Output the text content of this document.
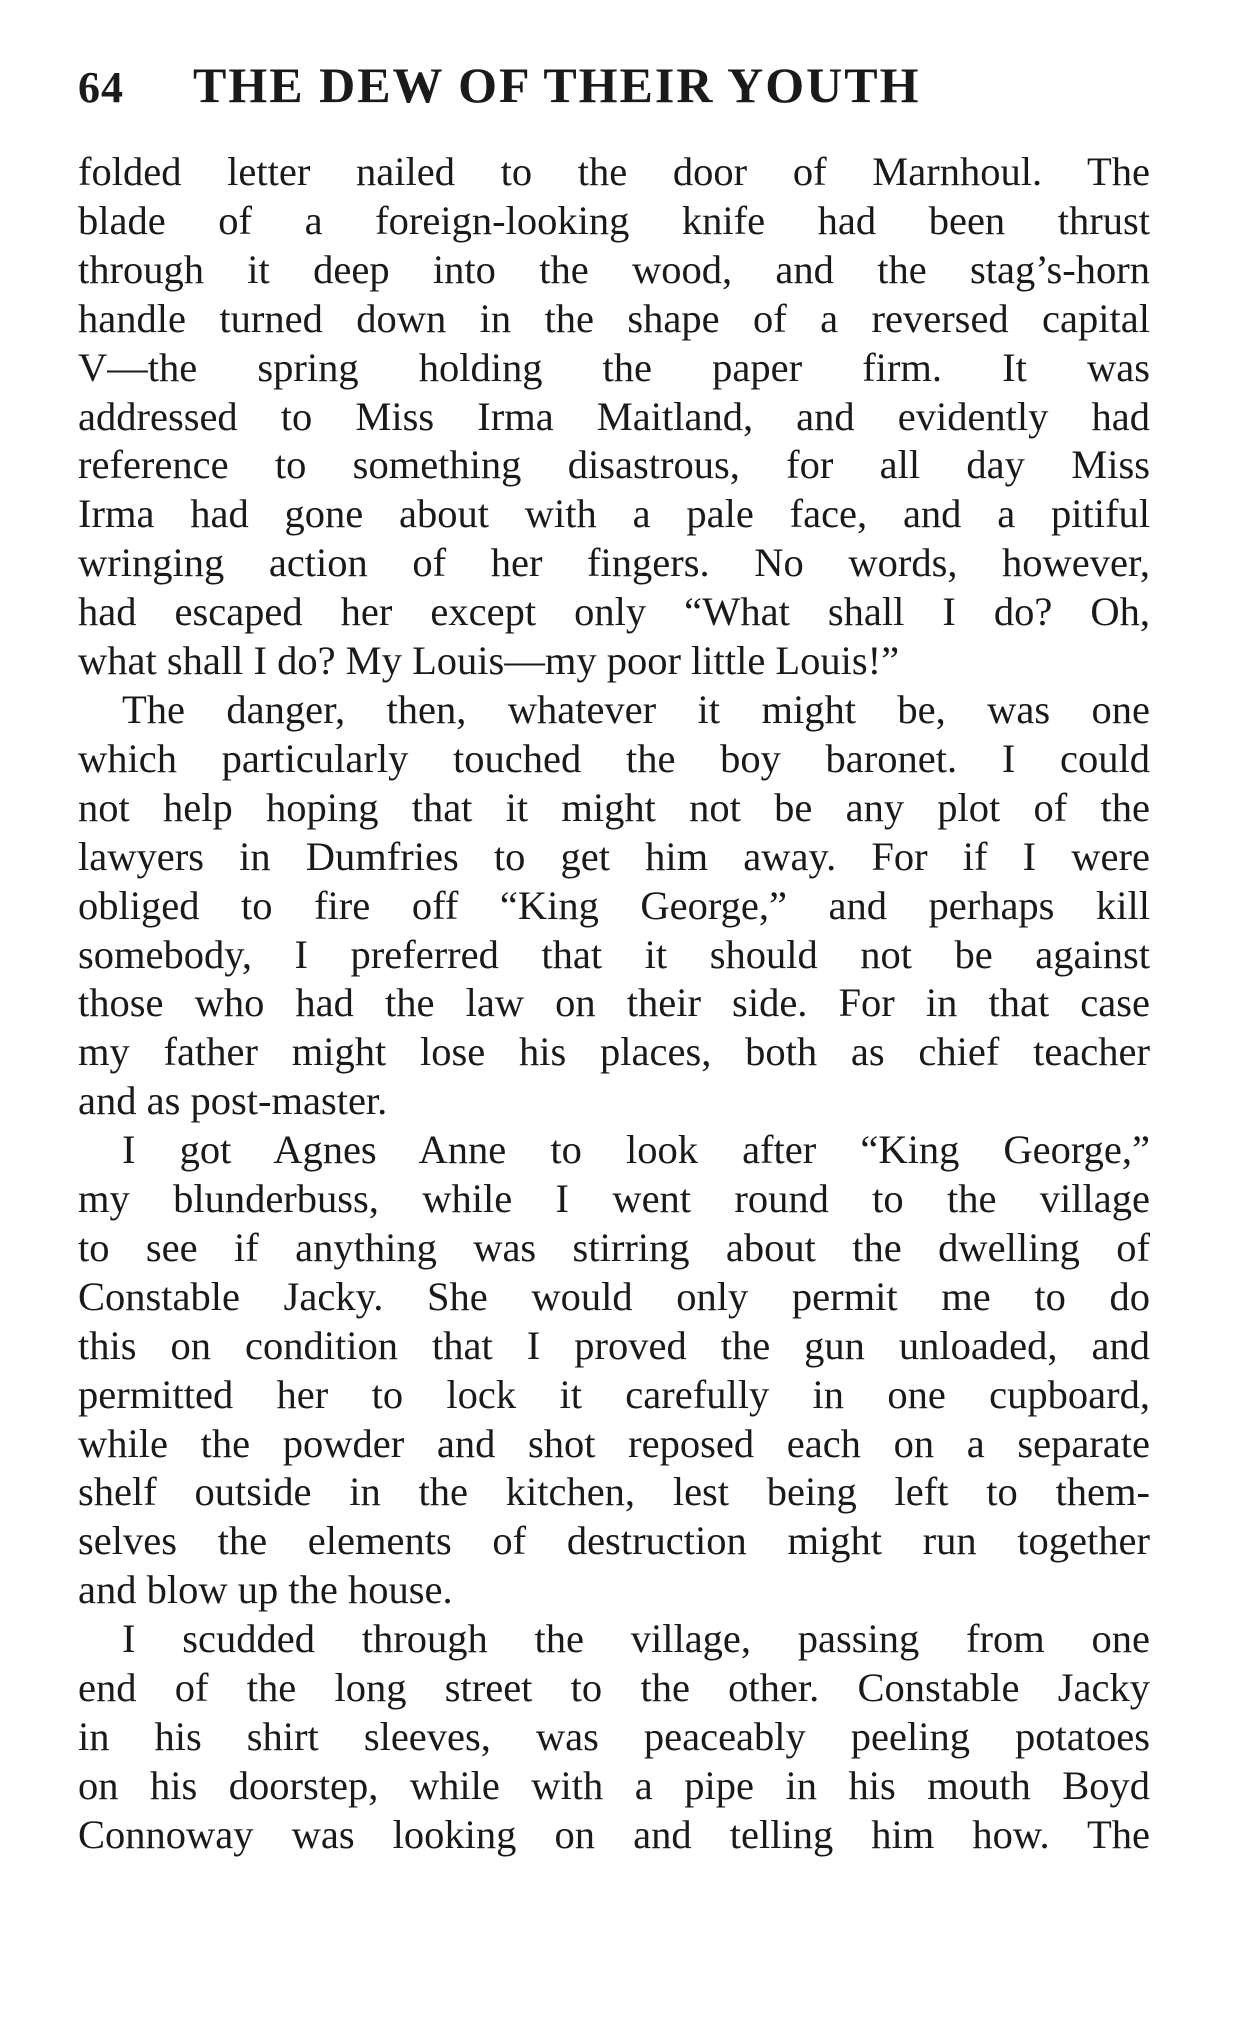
64	THE DEW OF THEIR YOUTH
folded letter nailed to the door of Marnhoul. The
blade of a foreign-looking knife had been thrust
through it deep into the wood, and the stag’s-horn
handle turned down in the shape of a reversed capital
V—the spring holding the paper firm. It was
addressed to Miss Irma Maitland, and evidently had
reference to something disastrous, for all day Miss
Irma had gone about with a pale face, and a pitiful
wringing action of her fingers. No words, however,
had escaped her except only “What shall I do? Oh,
what shall I do? My Louis—my poor little Louis!”
The danger, then, whatever it might be, was one
which particularly touched the boy baronet. I could
not help hoping that it might not be any plot of the
lawyers in Dumfries to get him away. For if I were
obliged to fire off “King George,” and perhaps kill
somebody, I preferred that it should not be against
those who had the law on their side. For in that case
my father might lose his places, both as chief teacher
and as post-master.
I got Agnes Anne to look after “King George,”
my blunderbuss, while I went round to the village
to see if anything was stirring about the dwelling of
Constable Jacky. She would only permit me to do
this on condition that I proved the gun unloaded, and
permitted her to lock it carefully in one cupboard,
while the powder and shot reposed each on a separate
shelf outside in the kitchen, lest being left to them-
selves the elements of destruction might run together
and blow up the house.
I scudded through the village, passing from one
end of the long street to the other. Constable Jacky
in his shirt sleeves, was peaceably peeling potatoes
on his doorstep, while with a pipe in his mouth Boyd
Connoway was looking on and telling him how. The
